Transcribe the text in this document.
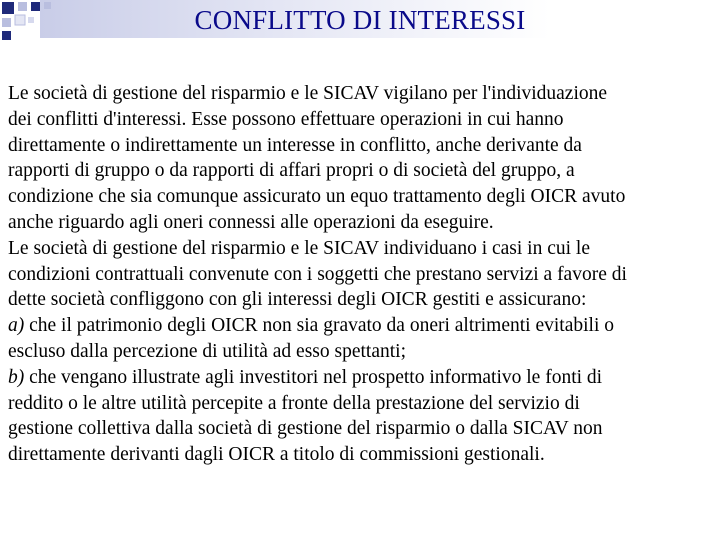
CONFLITTO DI INTERESSI
Le società di gestione del risparmio e le SICAV vigilano per l'individuazione
dei conflitti d'interessi. Esse possono effettuare operazioni in cui hanno
direttamente o indirettamente un interesse in conflitto, anche derivante da
rapporti di gruppo o da rapporti di affari propri o di società del gruppo, a
condizione che sia comunque assicurato un equo trattamento degli OICR avuto
anche riguardo agli oneri connessi alle operazioni da eseguire.
Le società di gestione del risparmio e le SICAV individuano i casi in cui le
condizioni contrattuali convenute con i soggetti che prestano servizi a favore di
dette società confliggono con gli interessi degli OICR gestiti e assicurano:
a) che il patrimonio degli OICR non sia gravato da oneri altrimenti evitabili o
escluso dalla percezione di utilità ad esso spettanti;
b) che vengano illustrate agli investitori nel prospetto informativo le fonti di
reddito o le altre utilità percepite a fronte della prestazione del servizio di
gestione collettiva dalla società di gestione del risparmio o dalla SICAV non
direttamente derivanti dagli OICR a titolo di commissioni gestionali.
